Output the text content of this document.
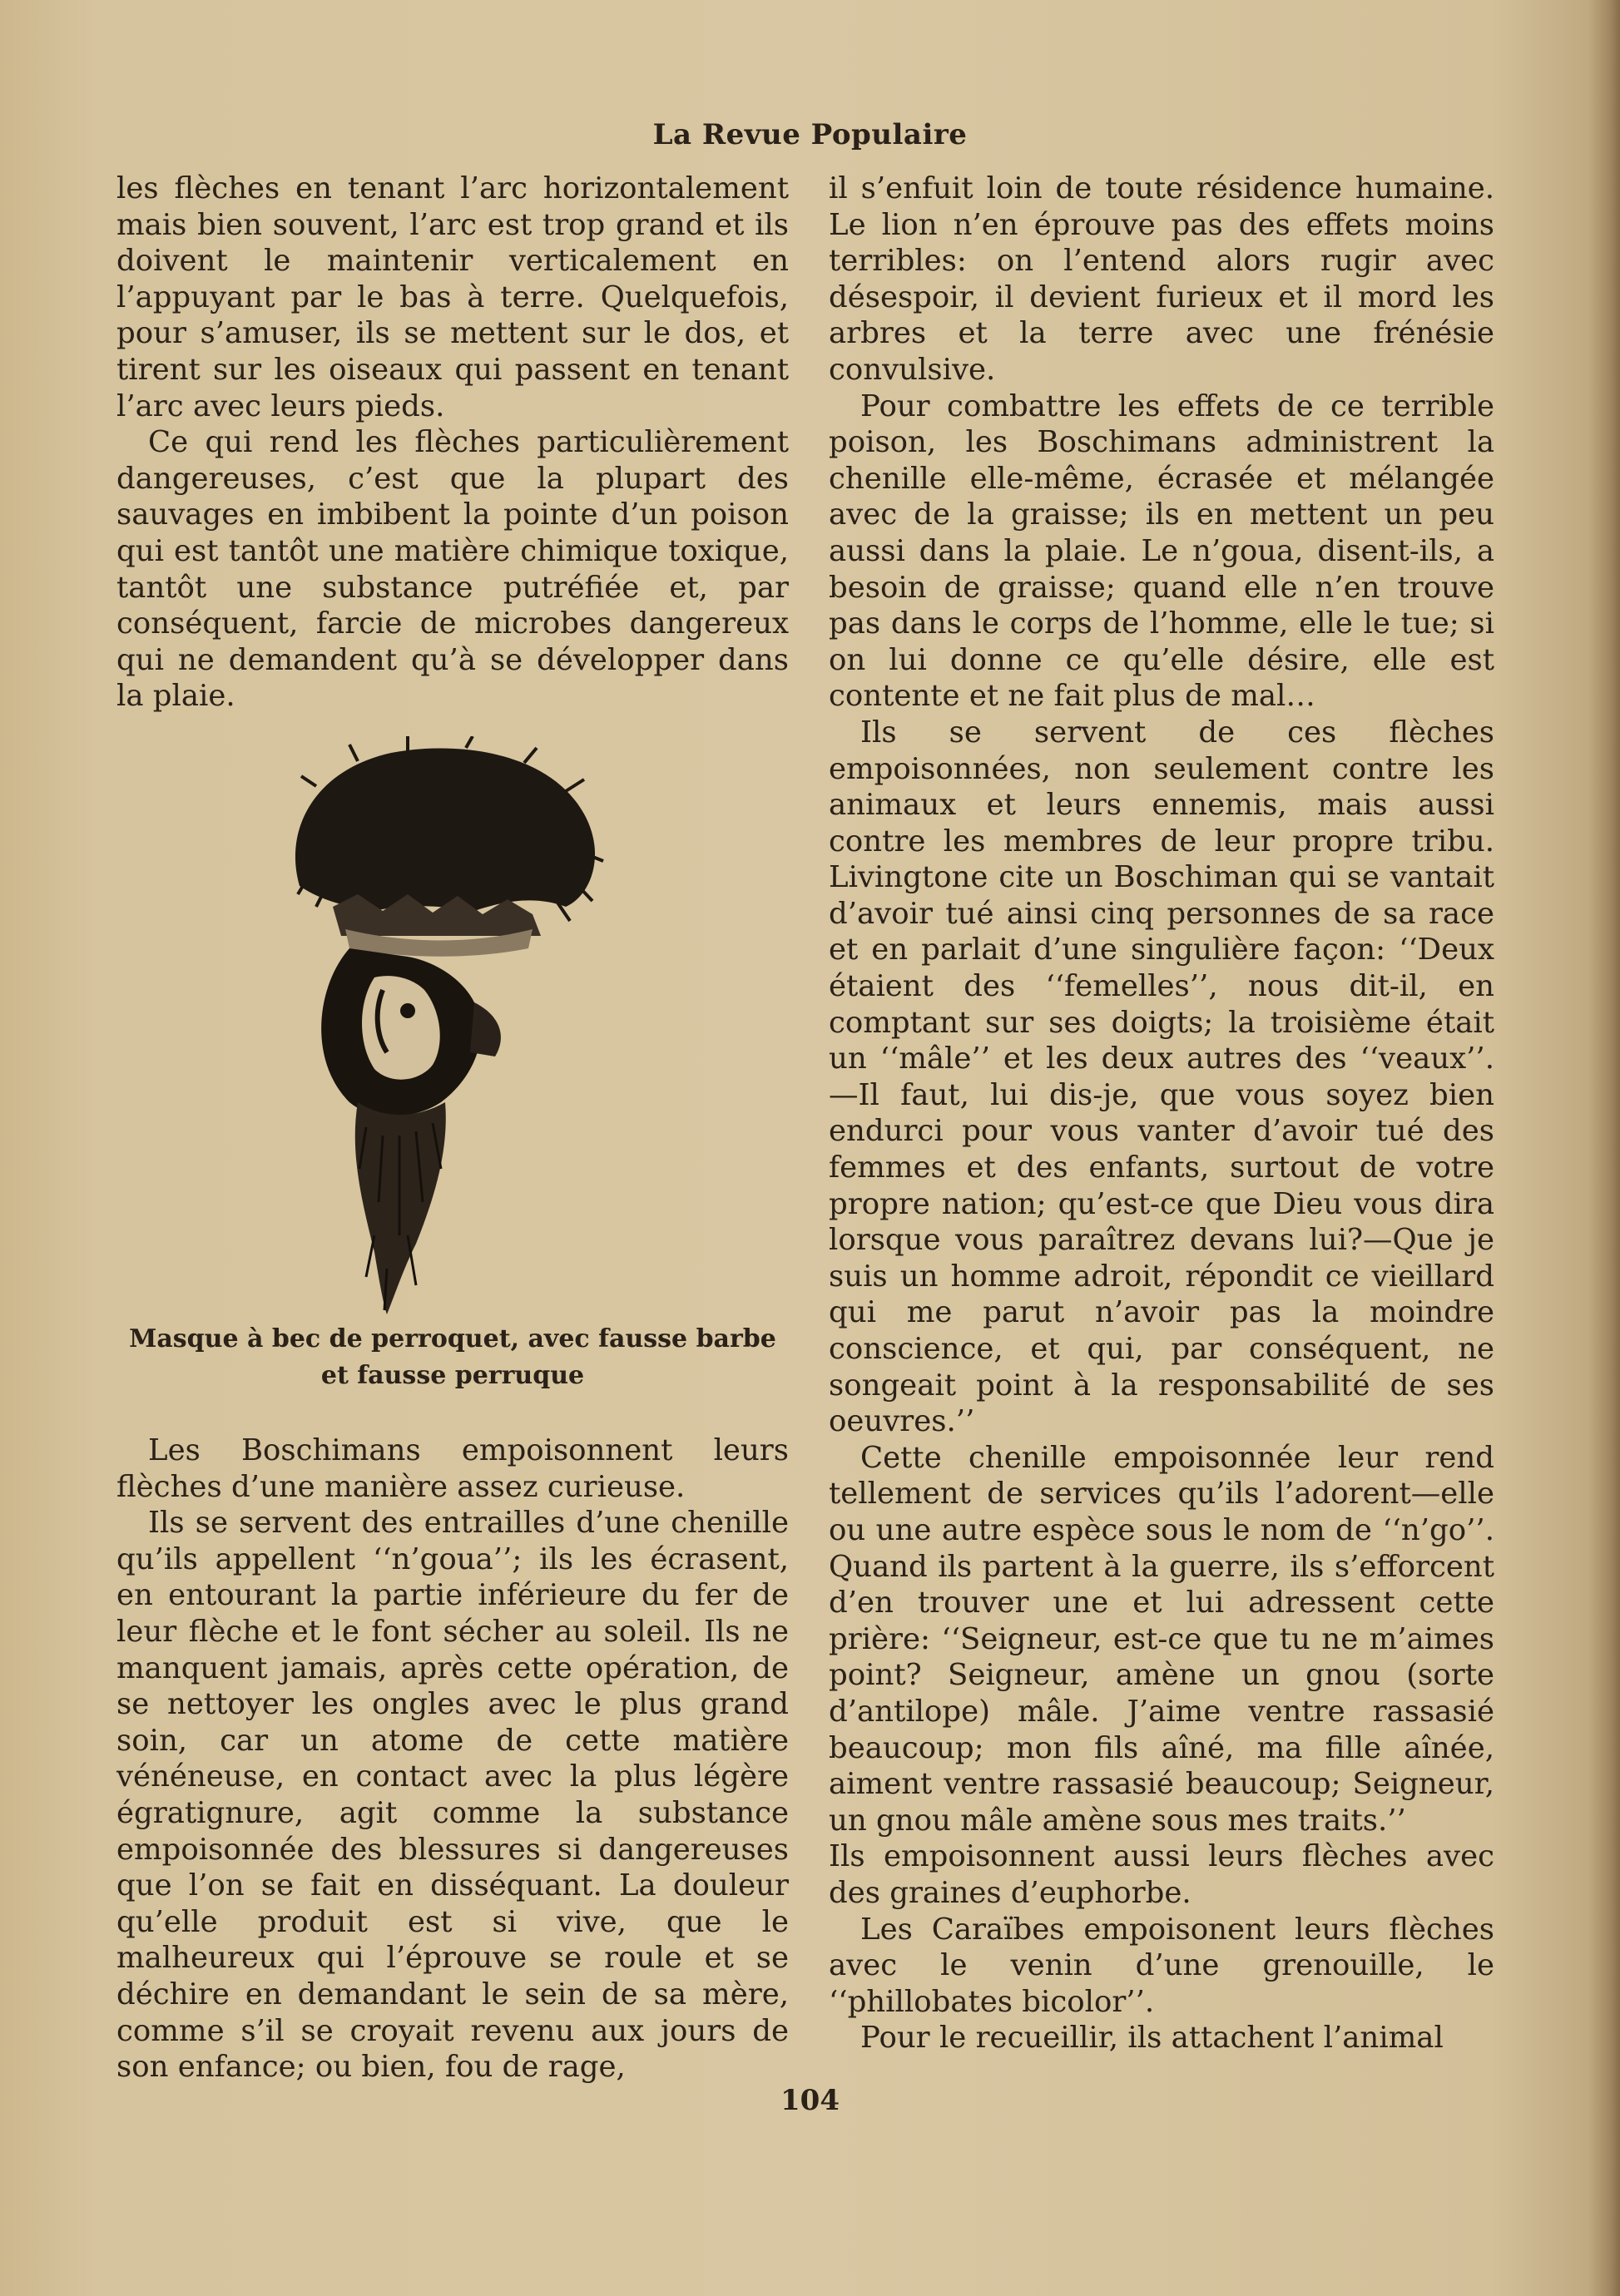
La Revue Populaire

les flèches en tenant l’arc horizontalement mais bien souvent, l’arc est trop grand et ils doivent le maintenir verticalement en l’appuyant par le bas à terre. Quelquefois, pour s’amuser, ils se mettent sur le dos, et tirent sur les oiseaux qui passent en tenant l’arc avec leurs pieds.

Ce qui rend les flèches particulièrement dangereuses, c’est que la plupart des sauvages en imbibent la pointe d’un poison qui est tantôt une matière chimique toxique, tantôt une substance putréfiée et, par conséquent, farcie de microbes dangereux qui ne demandent qu’à se développer dans la plaie.

Masque à bec de perroquet, avec fausse barbe et fausse perruque

Les Boschimans empoisonnent leurs flèches d’une manière assez curieuse.

Ils se servent des entrailles d’une chenille qu’ils appellent ‘‘n’goua’’; ils les écrasent, en entourant la partie inférieure du fer de leur flèche et le font sécher au soleil. Ils ne manquent jamais, après cette opération, de se nettoyer les ongles avec le plus grand soin, car un atome de cette matière vénéneuse, en contact avec la plus légère égratignure, agit comme la substance empoisonnée des blessures si dangereuses que l’on se fait en disséquant. La douleur qu’elle produit est si vive, que le malheureux qui l’éprouve se roule et se déchire en demandant le sein de sa mère, comme s’il se croyait revenu aux jours de son enfance; ou bien, fou de rage,

il s’enfuit loin de toute résidence humaine. Le lion n’en éprouve pas des effets moins terribles: on l’entend alors rugir avec désespoir, il devient furieux et il mord les arbres et la terre avec une frénésie convulsive.

Pour combattre les effets de ce terrible poison, les Boschimans administrent la chenille elle-même, écrasée et mélangée avec de la graisse; ils en mettent un peu aussi dans la plaie. Le n’goua, disent-ils, a besoin de graisse; quand elle n’en trouve pas dans le corps de l’homme, elle le tue; si on lui donne ce qu’elle désire, elle est contente et ne fait plus de mal…

Ils se servent de ces flèches empoisonnées, non seulement contre les animaux et leurs ennemis, mais aussi contre les membres de leur propre tribu. Livingtone cite un Boschiman qui se vantait d’avoir tué ainsi cinq personnes de sa race et en parlait d’une singulière façon: ‘‘Deux étaient des ‘‘femelles’’, nous dit-il, en comptant sur ses doigts; la troisième était un ‘‘mâle’’ et les deux autres des ‘‘veaux’’.—Il faut, lui dis-je, que vous soyez bien endurci pour vous vanter d’avoir tué des femmes et des enfants, surtout de votre propre nation; qu’est-ce que Dieu vous dira lorsque vous paraîtrez devans lui?—Que je suis un homme adroit, répondit ce vieillard qui me parut n’avoir pas la moindre conscience, et qui, par conséquent, ne songeait point à la responsabilité de ses oeuvres.’’

Cette chenille empoisonnée leur rend tellement de services qu’ils l’adorent—elle ou une autre espèce sous le nom de ‘‘n’go’’. Quand ils partent à la guerre, ils s’efforcent d’en trouver une et lui adressent cette prière: ‘‘Seigneur, est-ce que tu ne m’aimes point? Seigneur, amène un gnou (sorte d’antilope) mâle. J’aime ventre rassasié beaucoup; mon fils aîné, ma fille aînée, aiment ventre rassasié beaucoup; Seigneur, un gnou mâle amène sous mes traits.’’

Ils empoisonnent aussi leurs flèches avec des graines d’euphorbe.

Les Caraïbes empoisonent leurs flèches avec le venin d’une grenouille, le ‘‘phillobates bicolor’’.

Pour le recueillir, ils attachent l’animal

104
